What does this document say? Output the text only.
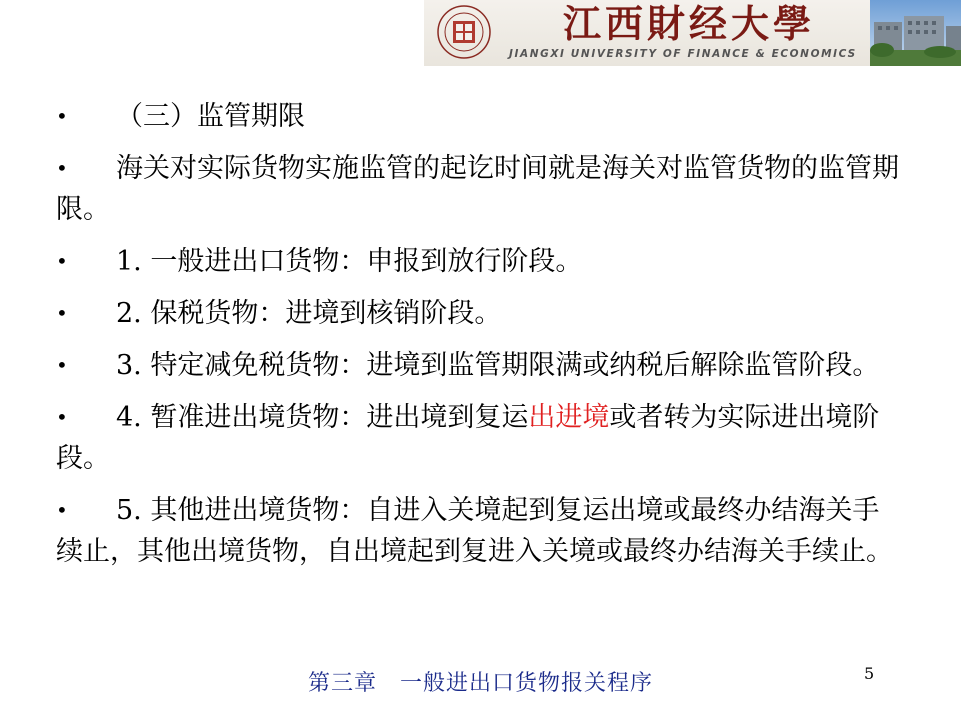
江西財经大學
JIANGXI UNIVERSITY OF FINANCE & ECONOMICS
•	（三）监管期限
•	海关对实际货物实施监管的起讫时间就是海关对监管货物的监管期限。
•	1. 一般进出口货物：申报到放行阶段。
•	2. 保税货物：进境到核销阶段。
•	3. 特定减免税货物：进境到监管期限满或纳税后解除监管阶段。
•	4. 暂准进出境货物：进出境到复运出进境或者转为实际进出境阶段。
•	5. 其他进出境货物：自进入关境起到复运出境或最终办结海关手续止，其他出境货物，自出境起到复进入关境或最终办结海关手续止。
第三章　一般进出口货物报关程序	5
